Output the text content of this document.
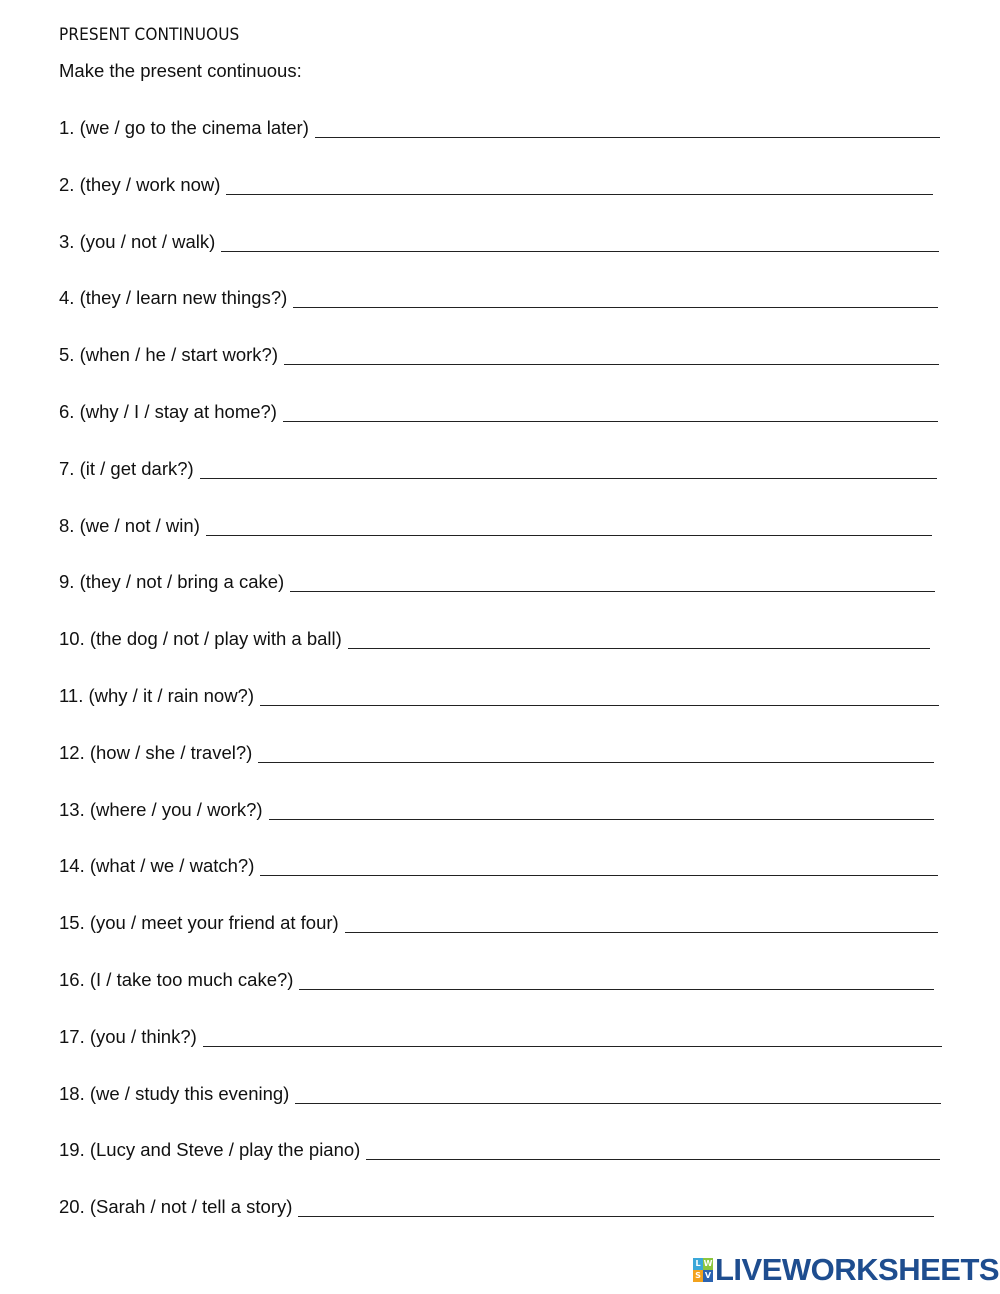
PRESENT CONTINUOUS
Make the present continuous:
1. (we / go to the cinema later)
2. (they / work now)
3. (you / not / walk)
4. (they / learn new things?)
5. (when / he / start work?)
6. (why / I / stay at home?)
7. (it / get dark?)
8. (we / not / win)
9. (they / not / bring a cake)
10. (the dog / not / play with a ball)
11. (why / it / rain now?)
12. (how / she / travel?)
13. (where / you / work?)
14. (what / we / watch?)
15. (you / meet your friend at four)
16. (I / take too much cake?)
17. (you / think?)
18. (we / study this evening)
19. (Lucy and Steve / play the piano)
20. (Sarah / not / tell a story)
L W
S V LIVEWORKSHEETS
